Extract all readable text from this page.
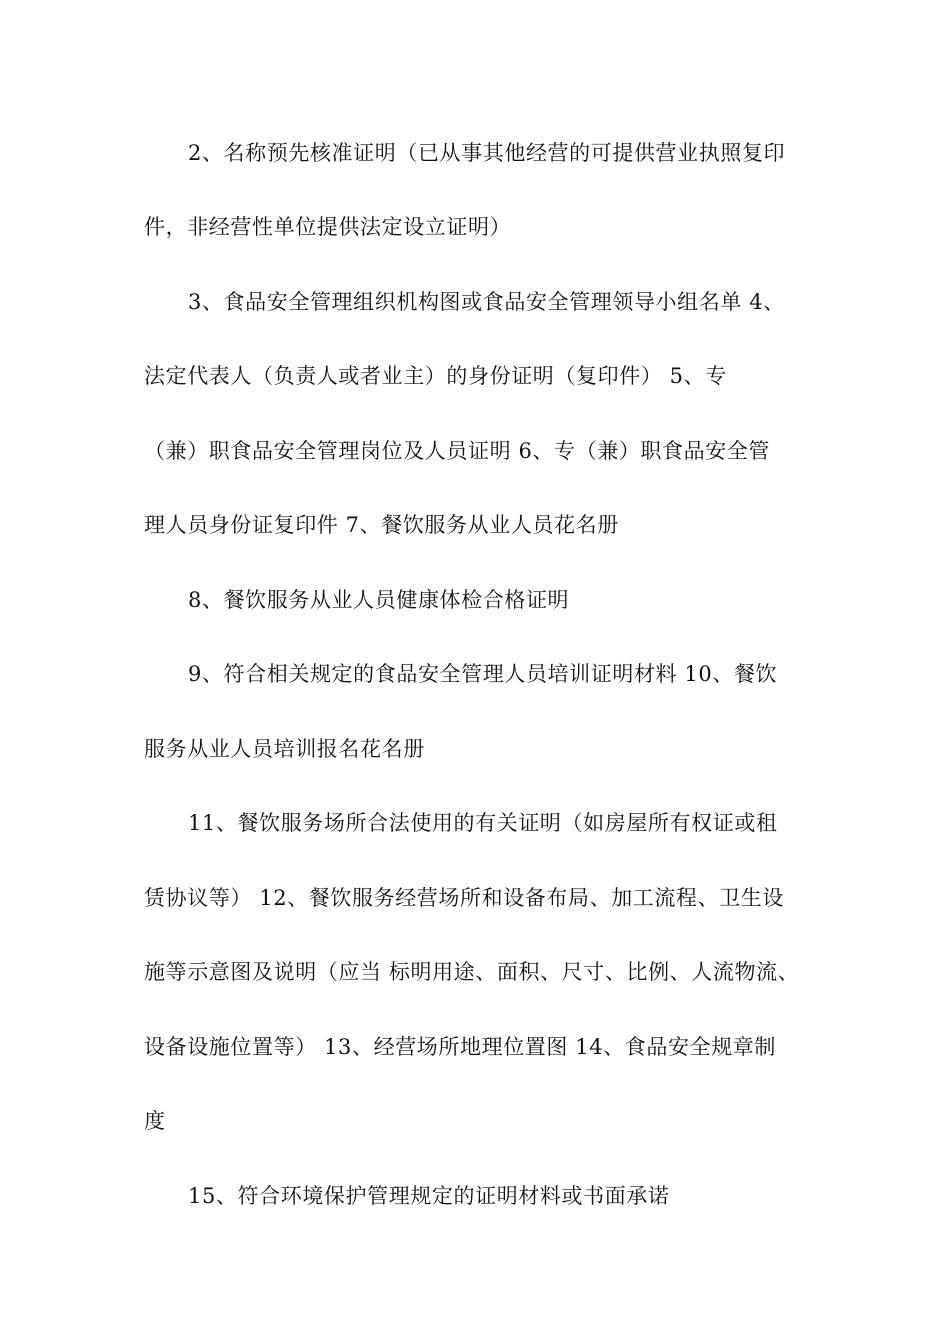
2、名称预先核准证明（已从事其他经营的可提供营业执照复印
件，非经营性单位提供法定设立证明）
3、食品安全管理组织机构图或食品安全管理领导小组名单 4、
法定代表人（负责人或者业主）的身份证明（复印件） 5、专
（兼）职食品安全管理岗位及人员证明 6、专（兼）职食品安全管
理人员身份证复印件 7、餐饮服务从业人员花名册
8、餐饮服务从业人员健康体检合格证明
9、符合相关规定的食品安全管理人员培训证明材料 10、餐饮
服务从业人员培训报名花名册
11、餐饮服务场所合法使用的有关证明（如房屋所有权证或租
赁协议等） 12、餐饮服务经营场所和设备布局、加工流程、卫生设
施等示意图及说明（应当 标明用途、面积、尺寸、比例、人流物流、
设备设施位置等） 13、经营场所地理位置图 14、食品安全规章制
度
15、符合环境保护管理规定的证明材料或书面承诺
